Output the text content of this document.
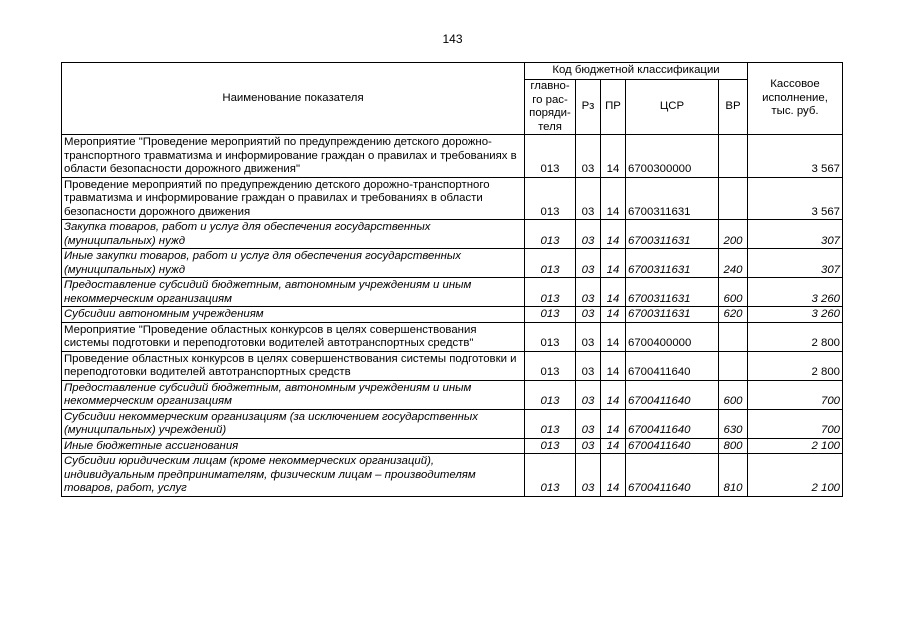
143
Наименование показателя	Код бюджетной классификации					Кассовое исполнение, тыс. руб.
	главно-го рас-поряди-теля	Рз	ПР	ЦСР	ВР	
Мероприятие "Проведение мероприятий по предупреждению детского дорожно-транспортного травматизма и информирование граждан о правилах и требованиях в области безопасности дорожного движения"	013	03	14	6700300000		3 567
Проведение мероприятий по предупреждению детского дорожно-транспортного травматизма и информирование граждан о правилах и требованиях в области безопасности дорожного движения	013	03	14	6700311631		3 567
Закупка товаров, работ и услуг для обеспечения государственных (муниципальных) нужд	013	03	14	6700311631	200	307
Иные закупки товаров, работ и услуг для обеспечения государственных (муниципальных) нужд	013	03	14	6700311631	240	307
Предоставление субсидий бюджетным, автономным учреждениям и иным некоммерческим организациям	013	03	14	6700311631	600	3 260
Субсидии автономным учреждениям	013	03	14	6700311631	620	3 260
Мероприятие "Проведение областных конкурсов в целях совершенствования системы подготовки и переподготовки водителей автотранспортных средств"	013	03	14	6700400000		2 800
Проведение областных конкурсов в целях совершенствования системы подготовки и переподготовки водителей автотранспортных средств	013	03	14	6700411640		2 800
Предоставление субсидий бюджетным, автономным учреждениям и иным некоммерческим организациям	013	03	14	6700411640	600	700
Субсидии некоммерческим организациям (за исключением государственных (муниципальных) учреждений)	013	03	14	6700411640	630	700
Иные бюджетные ассигнования	013	03	14	6700411640	800	2 100
Субсидии юридическим лицам (кроме некоммерческих организаций), индивидуальным предпринимателям, физическим лицам – производителям товаров, работ, услуг	013	03	14	6700411640	810	2 100
